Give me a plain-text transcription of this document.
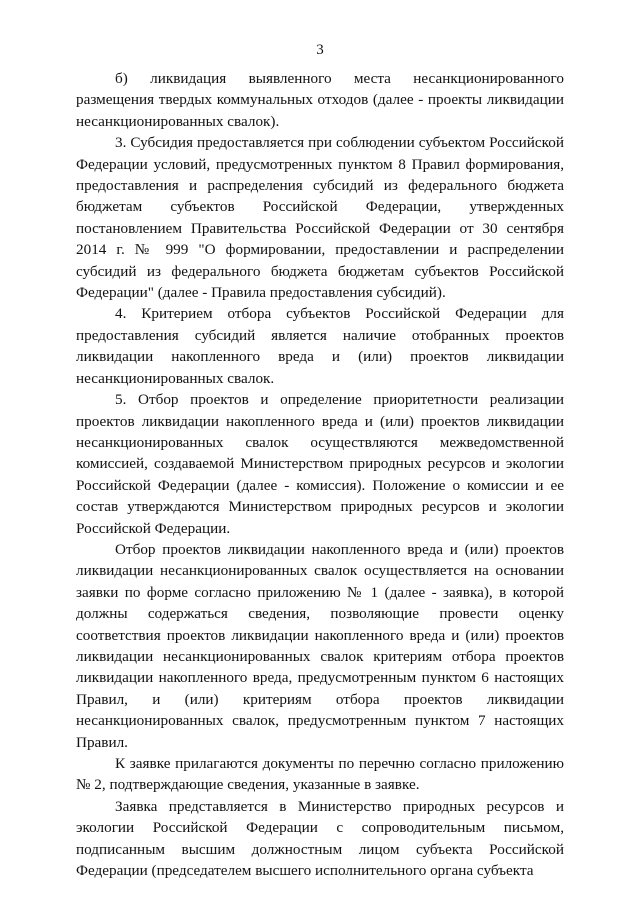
3

б) ликвидация выявленного места несанкционированного размещения твердых коммунальных отходов (далее - проекты ликвидации несанкционированных свалок).

3. Субсидия предоставляется при соблюдении субъектом Российской Федерации условий, предусмотренных пунктом 8 Правил формирования, предоставления и распределения субсидий из федерального бюджета бюджетам субъектов Российской Федерации, утвержденных постановлением Правительства Российской Федерации от 30 сентября 2014 г. № 999 "О формировании, предоставлении и распределении субсидий из федерального бюджета бюджетам субъектов Российской Федерации" (далее - Правила предоставления субсидий).

4. Критерием отбора субъектов Российской Федерации для предоставления субсидий является наличие отобранных проектов ликвидации накопленного вреда и (или) проектов ликвидации несанкционированных свалок.

5. Отбор проектов и определение приоритетности реализации проектов ликвидации накопленного вреда и (или) проектов ликвидации несанкционированных свалок осуществляются межведомственной комиссией, создаваемой Министерством природных ресурсов и экологии Российской Федерации (далее - комиссия). Положение о комиссии и ее состав утверждаются Министерством природных ресурсов и экологии Российской Федерации.

Отбор проектов ликвидации накопленного вреда и (или) проектов ликвидации несанкционированных свалок осуществляется на основании заявки по форме согласно приложению № 1 (далее - заявка), в которой должны содержаться сведения, позволяющие провести оценку соответствия проектов ликвидации накопленного вреда и (или) проектов ликвидации несанкционированных свалок критериям отбора проектов ликвидации накопленного вреда, предусмотренным пунктом 6 настоящих Правил, и (или) критериям отбора проектов ликвидации несанкционированных свалок, предусмотренным пунктом 7 настоящих Правил.

К заявке прилагаются документы по перечню согласно приложению № 2, подтверждающие сведения, указанные в заявке.

Заявка представляется в Министерство природных ресурсов и экологии Российской Федерации с сопроводительным письмом, подписанным высшим должностным лицом субъекта Российской Федерации (председателем высшего исполнительного органа субъекта
